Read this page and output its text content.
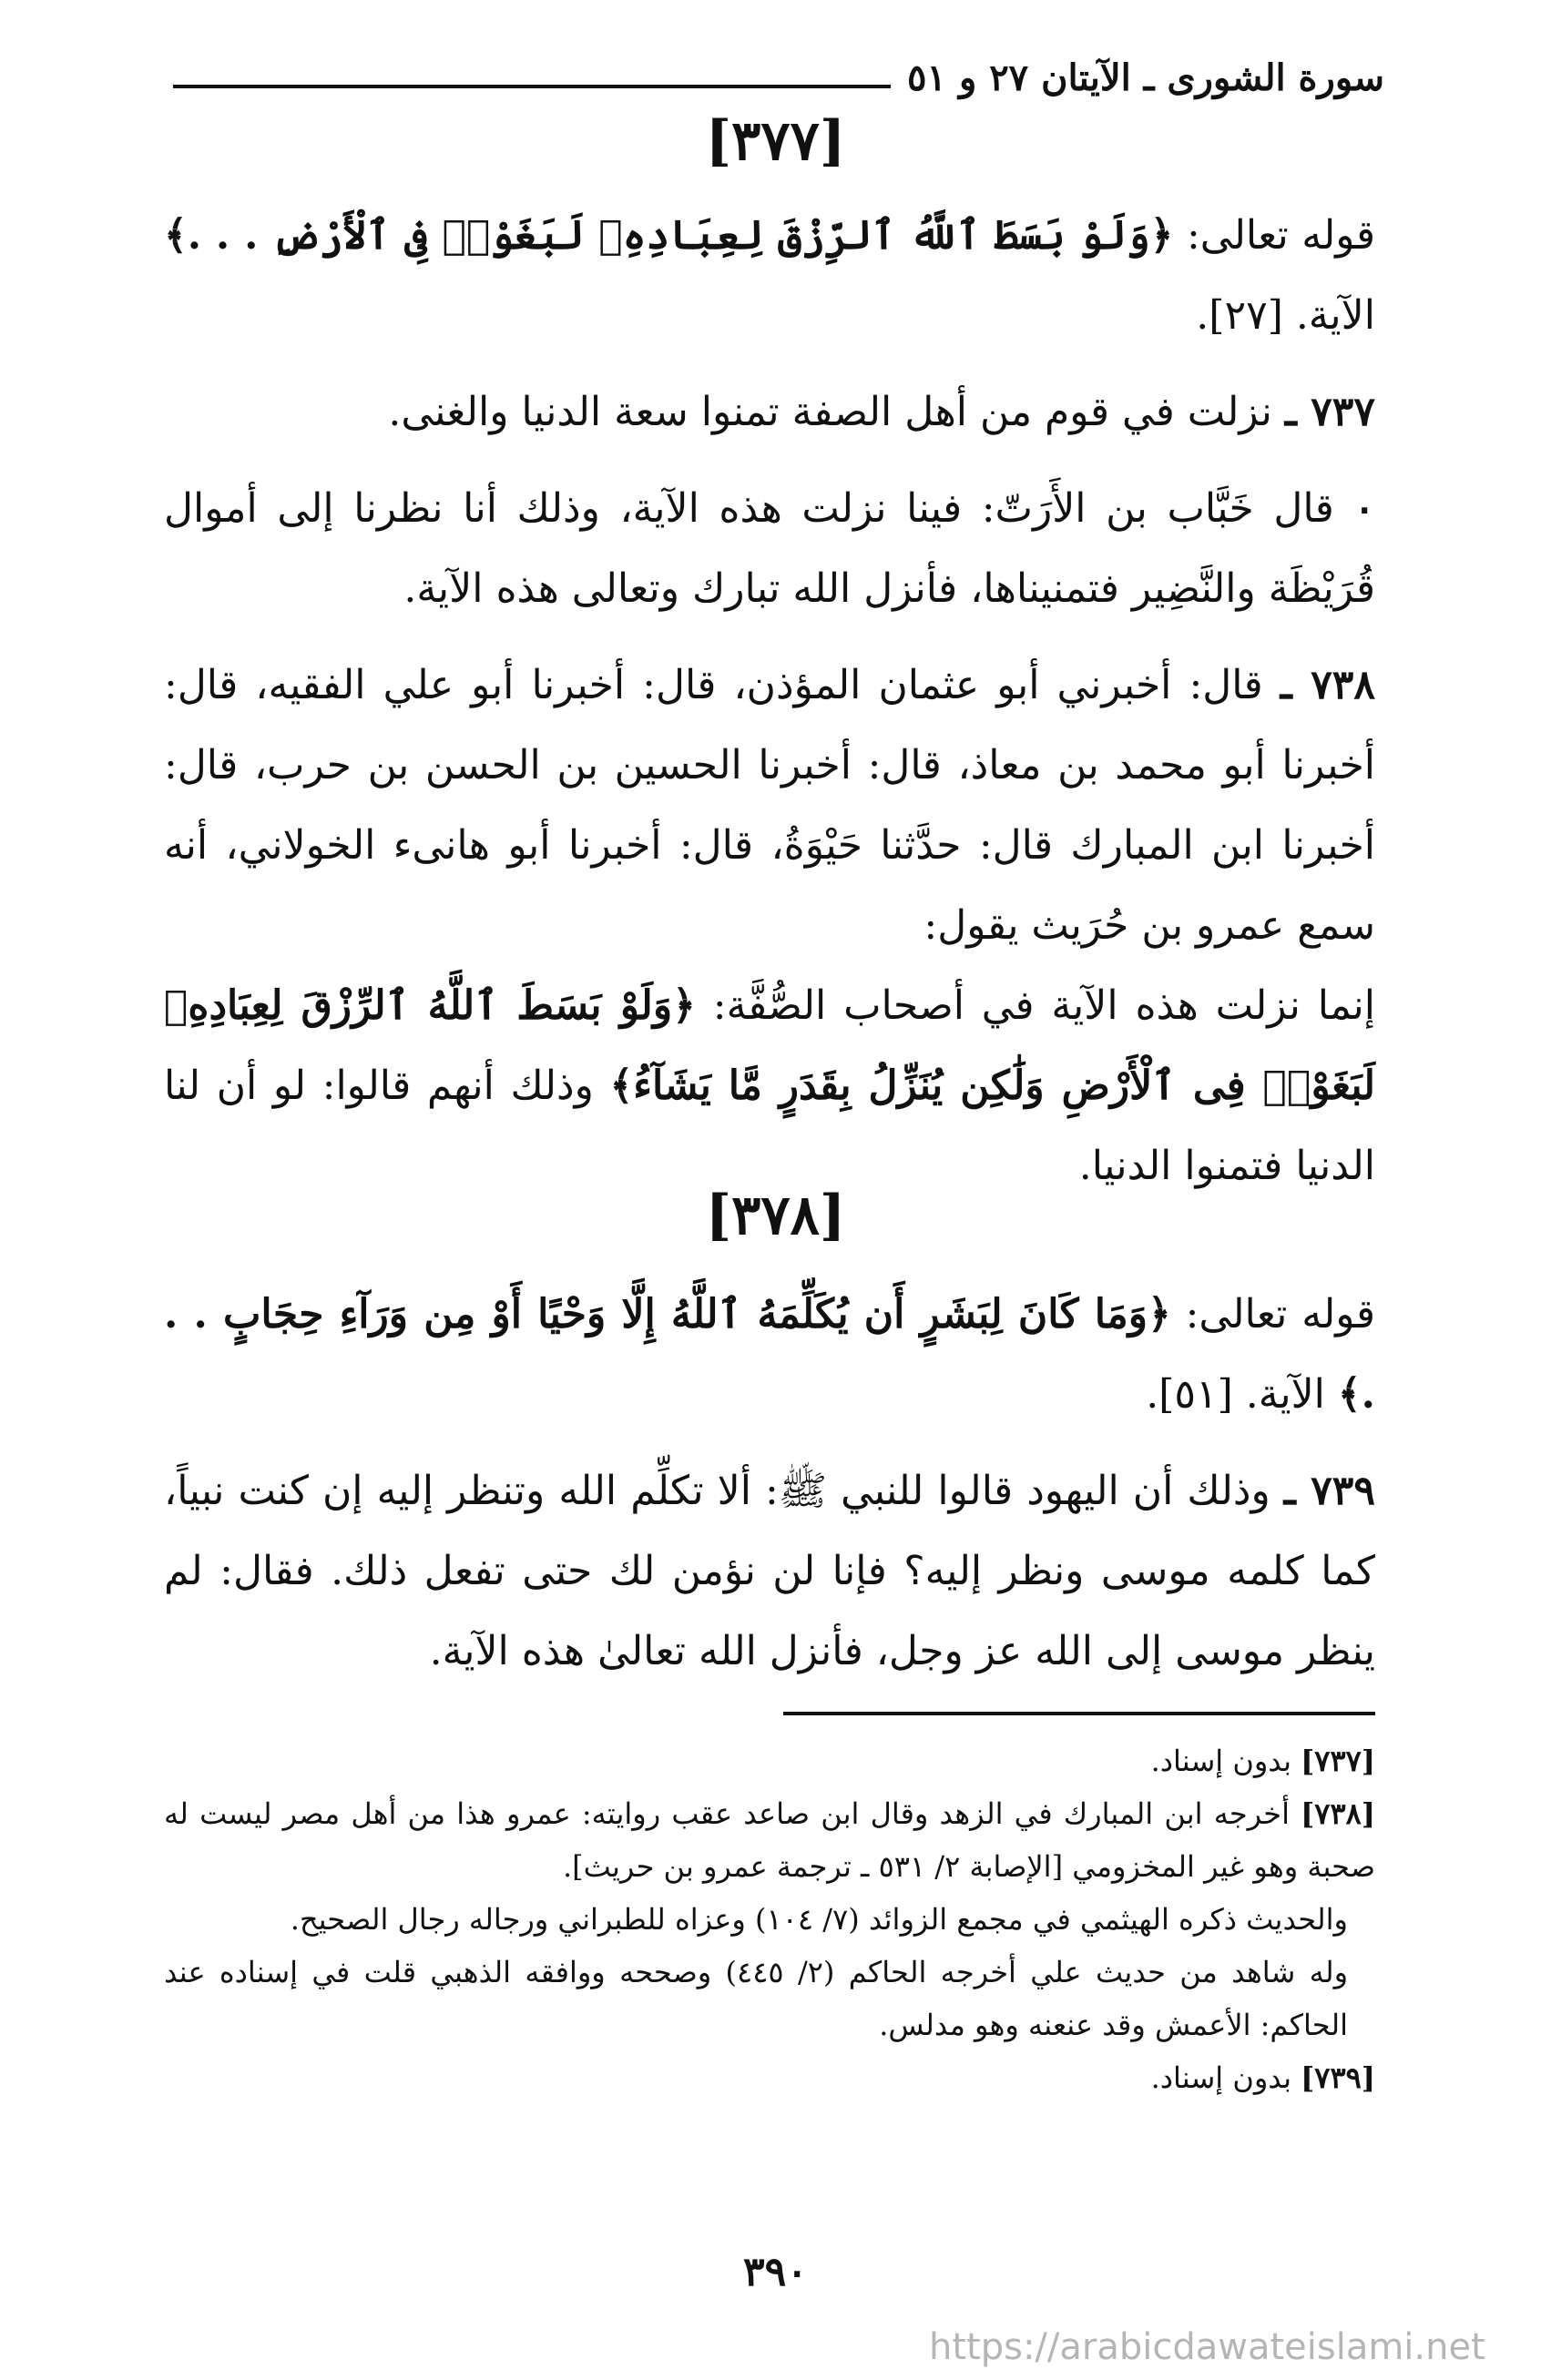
سورة الشورى ـ الآيتان ٢٧ و ٥١
[٣٧٧]

قوله تعالى: ﴿وَلَوْ بَسَطَ ٱللَّهُ ٱلرِّزْقَ لِعِبَادِهِۦ لَبَغَوْا۟ فِى ٱلْأَرْضِ . . .﴾ الآية. [٢٧].

٧٣٧ ـ نزلت في قوم من أهل الصفة تمنوا سعة الدنيا والغنى.

٠ قال خَبَّاب بن الأَرَتّ: فينا نزلت هذه الآية، وذلك أنا نظرنا إلى أموال قُرَيْظَة والنَّضِير فتمنيناها، فأنزل الله تبارك وتعالى هذه الآية.

٧٣٨ ـ قال: أخبرني أبو عثمان المؤذن، قال: أخبرنا أبو علي الفقيه، قال: أخبرنا أبو محمد بن معاذ، قال: أخبرنا الحسين بن الحسن بن حرب، قال: أخبرنا ابن المبارك قال: حدَّثنا حَيْوَةُ، قال: أخبرنا أبو هانىء الخولاني، أنه سمع عمرو بن حُرَيث يقول:

إنما نزلت هذه الآية في أصحاب الصُّفَّة: ﴿وَلَوْ بَسَطَ ٱللَّهُ ٱلرِّزْقَ لِعِبَادِهِۦ لَبَغَوْا۟ فِى ٱلْأَرْضِ وَلَٰكِن يُنَزِّلُ بِقَدَرٍ مَّا يَشَآءُ﴾ وذلك أنهم قالوا: لو أن لنا الدنيا فتمنوا الدنيا.

[٣٧٨]

قوله تعالى: ﴿وَمَا كَانَ لِبَشَرٍ أَن يُكَلِّمَهُ ٱللَّهُ إِلَّا وَحْيًا أَوْ مِن وَرَآءِ حِجَابٍ . . .﴾ الآية. [٥١].

٧٣٩ ـ وذلك أن اليهود قالوا للنبي ﷺ: ألا تكلِّم الله وتنظر إليه إن كنت نبياً، كما كلمه موسى ونظر إليه؟ فإنا لن نؤمن لك حتى تفعل ذلك. فقال: لم ينظر موسى إلى الله عز وجل، فأنزل الله تعالىٰ هذه الآية.

[٧٣٧] بدون إسناد.

[٧٣٨] أخرجه ابن المبارك في الزهد وقال ابن صاعد عقب روايته: عمرو هذا من أهل مصر ليست له صحبة وهو غير المخزومي [الإصابة ٢/ ٥٣١ ـ ترجمة عمرو بن حريث].

والحديث ذكره الهيثمي في مجمع الزوائد (٧/ ١٠٤) وعزاه للطبراني ورجاله رجال الصحيح.

وله شاهد من حديث علي أخرجه الحاكم (٢/ ٤٤٥) وصححه ووافقه الذهبي قلت في إسناده عند الحاكم: الأعمش وقد عنعنه وهو مدلس.

[٧٣٩] بدون إسناد.

٣٩٠
https://arabicdawateislami.net
